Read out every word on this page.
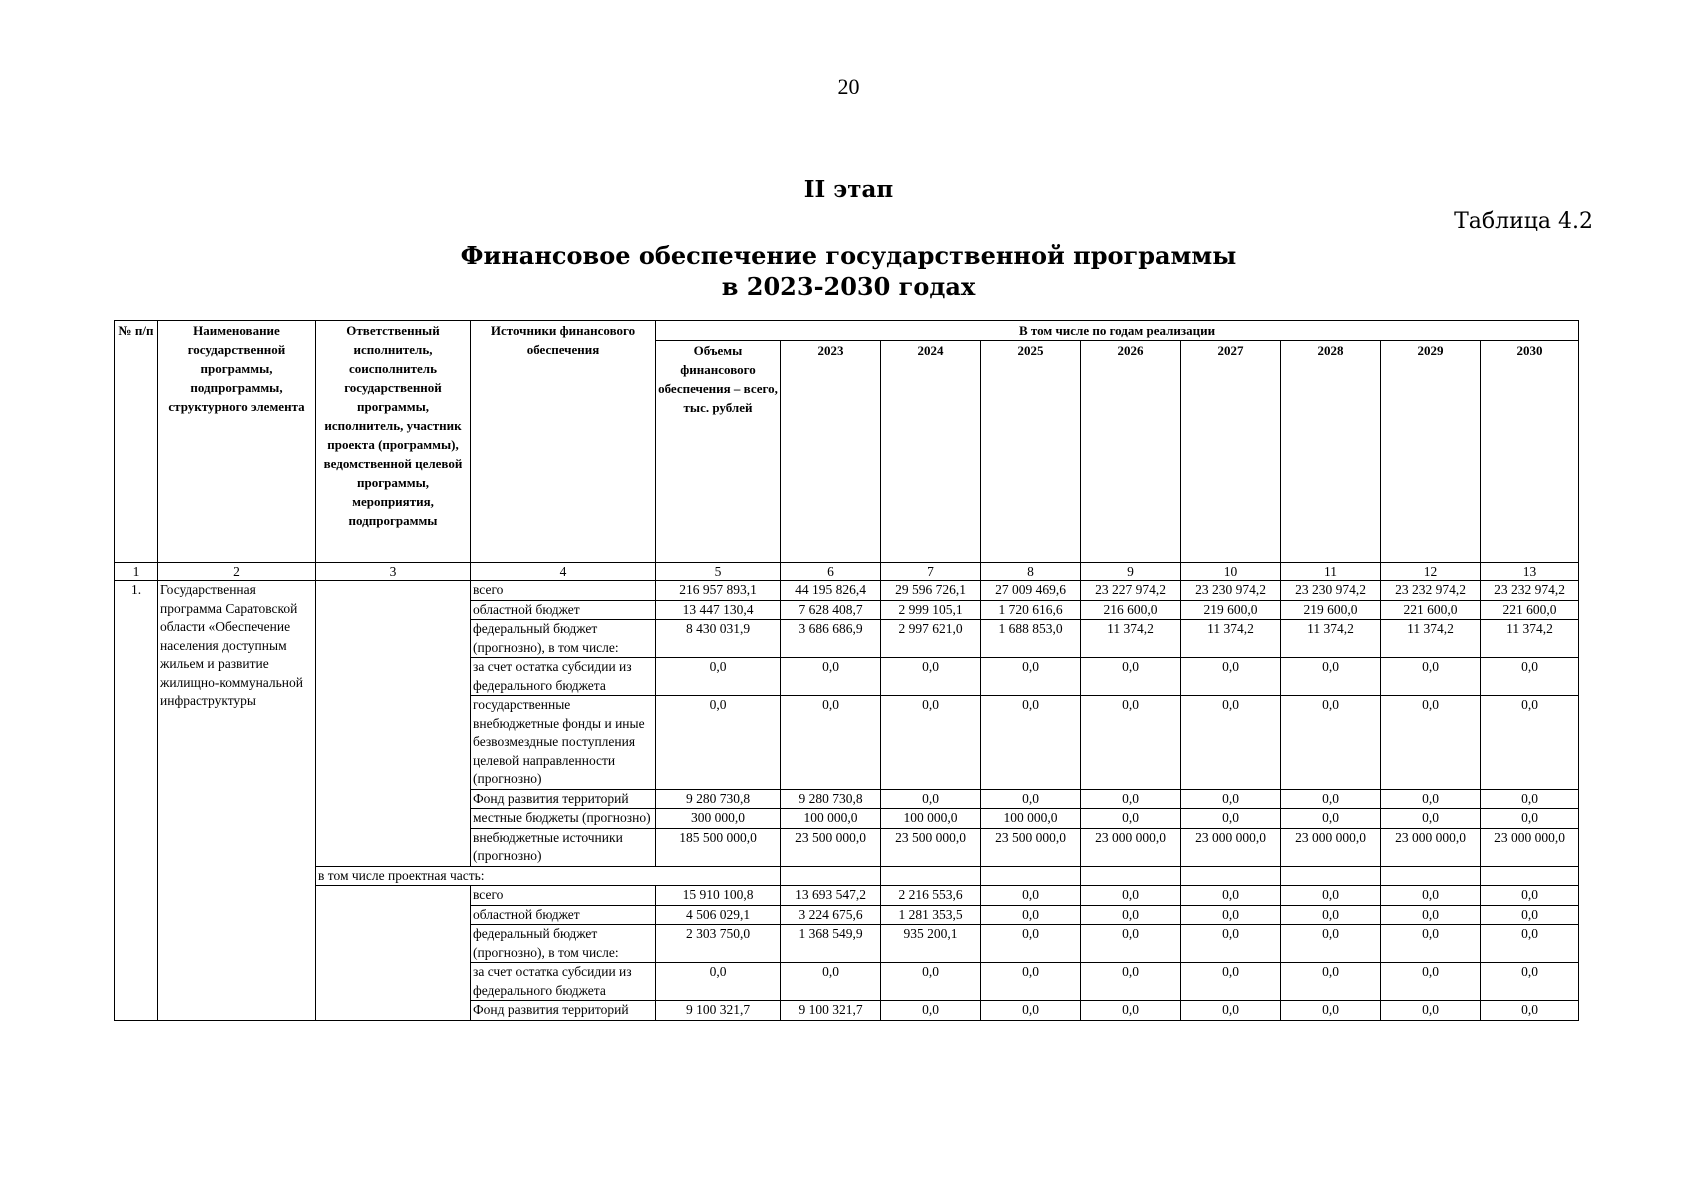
20
II этап
Таблица 4.2
Финансовое обеспечение государственной программы
в 2023-2030 годах
№ п/п	Наименование государственной программы, подпрограммы, структурного элемента	Ответственный исполнитель, соисполнитель государственной программы, исполнитель, участник проекта (программы), ведомственной целевой программы, мероприятия, подпрограммы	Источники финансового обеспечения	В том числе по годам реализации									
				Объемы финансового обеспечения – всего, тыс. рублей	2023	2024	2025	2026	2027	2028	2029	2030	
1	2	3	4	5	6	7	8	9	10	11	12	13	
1.	Государственная программа Саратовской области «Обеспечение населения доступным жильем и развитие жилищно-коммунальной инфраструктуры		всего	216 957 893,1	44 195 826,4	29 596 726,1	27 009 469,6	23 227 974,2	23 230 974,2	23 230 974,2	23 232 974,2	23 232 974,2	
			областной бюджет	13 447 130,4	7 628 408,7	2 999 105,1	1 720 616,6	216 600,0	219 600,0	219 600,0	221 600,0	221 600,0	
			федеральный бюджет (прогнозно), в том числе:	8 430 031,9	3 686 686,9	2 997 621,0	1 688 853,0	11 374,2	11 374,2	11 374,2	11 374,2	11 374,2	
			за счет остатка субсидии из федерального бюджета	0,0	0,0	0,0	0,0	0,0	0,0	0,0	0,0	0,0	
			государственные внебюджетные фонды и иные безвозмездные поступления целевой направленности (прогнозно)	0,0	0,0	0,0	0,0	0,0	0,0	0,0	0,0	0,0	
			Фонд развития территорий	9 280 730,8	9 280 730,8	0,0	0,0	0,0	0,0	0,0	0,0	0,0	
			местные бюджеты (прогнозно)	300 000,0	100 000,0	100 000,0	100 000,0	0,0	0,0	0,0	0,0	0,0	
			внебюджетные источники (прогнозно)	185 500 000,0	23 500 000,0	23 500 000,0	23 500 000,0	23 000 000,0	23 000 000,0	23 000 000,0	23 000 000,0	23 000 000,0	
		в том числе проектная часть:											
			всего	15 910 100,8	13 693 547,2	2 216 553,6	0,0	0,0	0,0	0,0	0,0	0,0	
			областной бюджет	4 506 029,1	3 224 675,6	1 281 353,5	0,0	0,0	0,0	0,0	0,0	0,0	
			федеральный бюджет (прогнозно), в том числе:	2 303 750,0	1 368 549,9	935 200,1	0,0	0,0	0,0	0,0	0,0	0,0	
			за счет остатка субсидии из федерального бюджета	0,0	0,0	0,0	0,0	0,0	0,0	0,0	0,0	0,0	
			Фонд развития территорий	9 100 321,7	9 100 321,7	0,0	0,0	0,0	0,0	0,0	0,0	0,0	
